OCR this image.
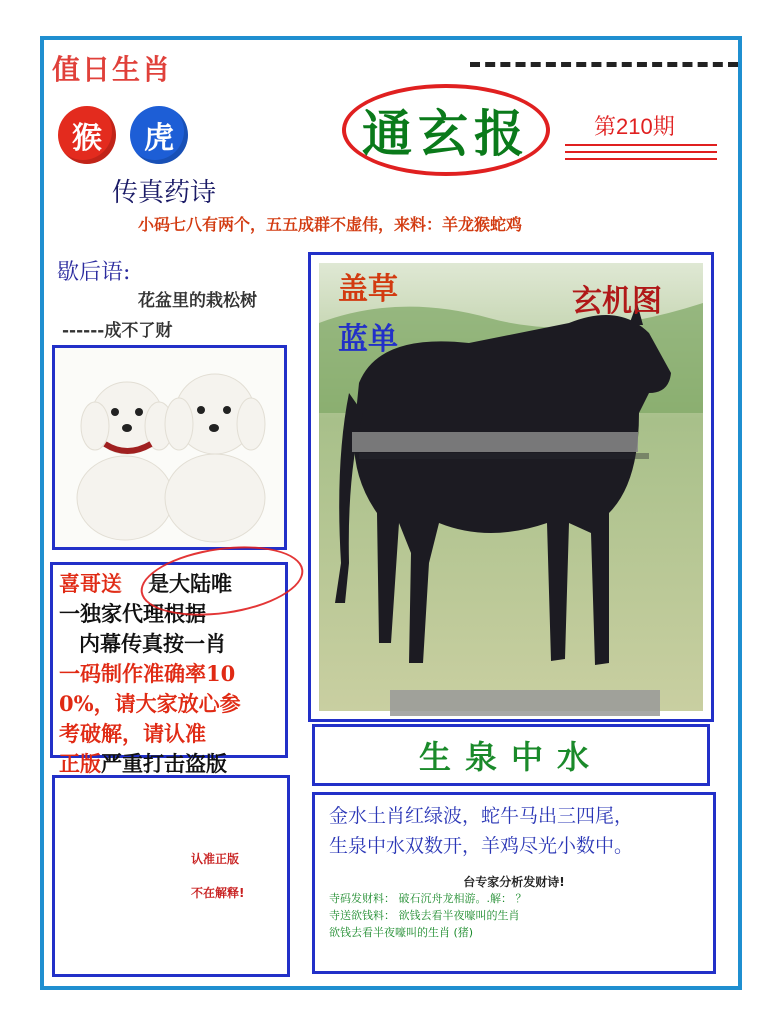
值日生肖
猴	虎	通玄报	第210期
传真药诗
小码七八有两个，五五成群不虚伟，来料：羊龙猴蛇鸡
歇后语:
花盆里的栽松树
------成不了财

喜哥送 是大陆唯

一独家代理根据

内幕传真按一肖

一码制作准确率10

0%，请大家放心参

考破解，请认准

正版严重打击盗版

认准正版
不在解释!
盖草
蓝单
玄机图
生泉中水
金水土肖红绿波，蛇牛马出三四尾，
生泉中水双数开，羊鸡尽光小数中。
台专家分析发财诗!
寺码发财料： 破石沉舟龙相游。.解： ？
寺送欲钱料： 欲钱去看半夜嚎叫的生肖
欲钱去看半夜嚎叫的生肖 (猪)
